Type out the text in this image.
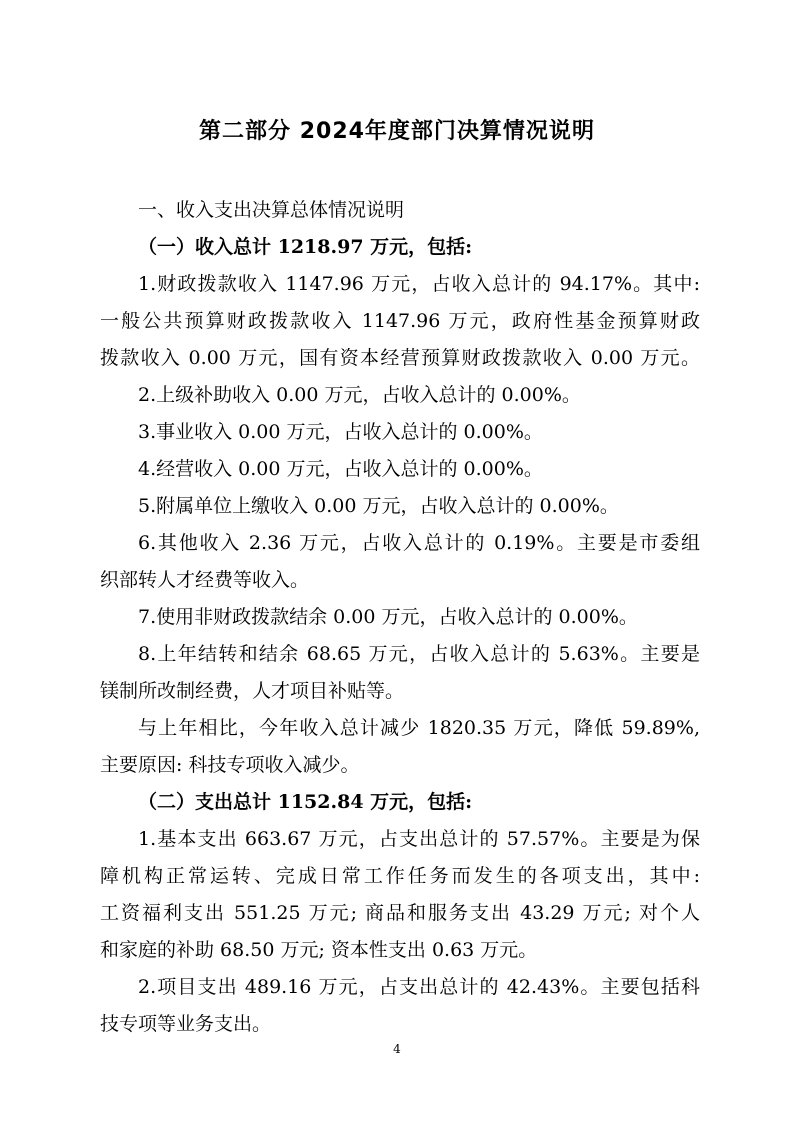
第二部分 2024年度部门决算情况说明
一、收入支出决算总体情况说明
（一）收入总计 1218.97 万元，包括:
1.财政拨款收入 1147.96 万元，占收入总计的 94.17%。其中:
一般公共预算财政拨款收入 1147.96 万元，政府性基金预算财政
拨款收入 0.00 万元，国有资本经营预算财政拨款收入 0.00 万元。
2.上级补助收入 0.00 万元，占收入总计的 0.00%。
3.事业收入 0.00 万元，占收入总计的 0.00%。
4.经营收入 0.00 万元，占收入总计的 0.00%。
5.附属单位上缴收入 0.00 万元，占收入总计的 0.00%。
6.其他收入 2.36 万元，占收入总计的 0.19%。主要是市委组
织部转人才经费等收入。
7.使用非财政拨款结余 0.00 万元，占收入总计的 0.00%。
8.上年结转和结余 68.65 万元，占收入总计的 5.63%。主要是
镁制所改制经费，人才项目补贴等。
与上年相比，今年收入总计减少 1820.35 万元，降低 59.89%,
主要原因: 科技专项收入减少。
（二）支出总计 1152.84 万元，包括:
1.基本支出 663.67 万元，占支出总计的 57.57%。主要是为保
障机构正常运转、完成日常工作任务而发生的各项支出，其中:
工资福利支出 551.25 万元; 商品和服务支出 43.29 万元; 对个人
和家庭的补助 68.50 万元; 资本性支出 0.63 万元。
2.项目支出 489.16 万元，占支出总计的 42.43%。主要包括科
技专项等业务支出。
4
